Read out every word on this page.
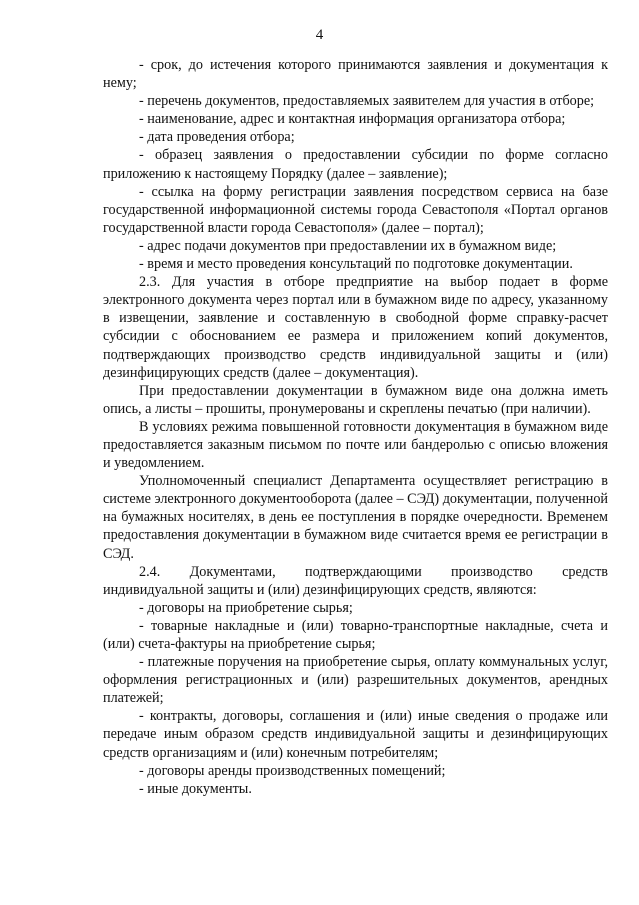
4

- срок, до истечения которого принимаются заявления и документация к нему;

- перечень документов, предоставляемых заявителем для участия в отборе;

- наименование, адрес и контактная информация организатора отбора;

- дата проведения отбора;

- образец заявления о предоставлении субсидии по форме согласно приложению к настоящему Порядку (далее – заявление);

- ссылка на форму регистрации заявления посредством сервиса на базе государственной информационной системы города Севастополя «Портал органов государственной власти города Севастополя» (далее – портал);

- адрес подачи документов при предоставлении их в бумажном виде;

- время и место проведения консультаций по подготовке документации.

2.3. Для участия в отборе предприятие на выбор подает в форме электронного документа через портал или в бумажном виде по адресу, указанному в извещении, заявление и составленную в свободной форме справку-расчет субсидии с обоснованием ее размера и приложением копий документов, подтверждающих производство средств индивидуальной защиты и (или) дезинфицирующих средств (далее – документация).

При предоставлении документации в бумажном виде она должна иметь опись, а листы – прошиты, пронумерованы и скреплены печатью (при наличии).

В условиях режима повышенной готовности документация в бумажном виде предоставляется заказным письмом по почте или бандеролью с описью вложения и уведомлением.

Уполномоченный специалист Департамента осуществляет регистрацию в системе электронного документооборота (далее – СЭД) документации, полученной на бумажных носителях, в день ее поступления в порядке очередности. Временем предоставления документации в бумажном виде считается время ее регистрации в СЭД.

2.4. Документами, подтверждающими производство средств индивидуальной защиты и (или) дезинфицирующих средств, являются:

- договоры на приобретение сырья;

- товарные накладные и (или) товарно-транспортные накладные, счета и (или) счета-фактуры на приобретение сырья;

- платежные поручения на приобретение сырья, оплату коммунальных услуг, оформления регистрационных и (или) разрешительных документов, арендных платежей;

- контракты, договоры, соглашения и (или) иные сведения о продаже или передаче иным образом средств индивидуальной защиты и дезинфицирующих средств организациям и (или) конечным потребителям;

- договоры аренды производственных помещений;

- иные документы.
